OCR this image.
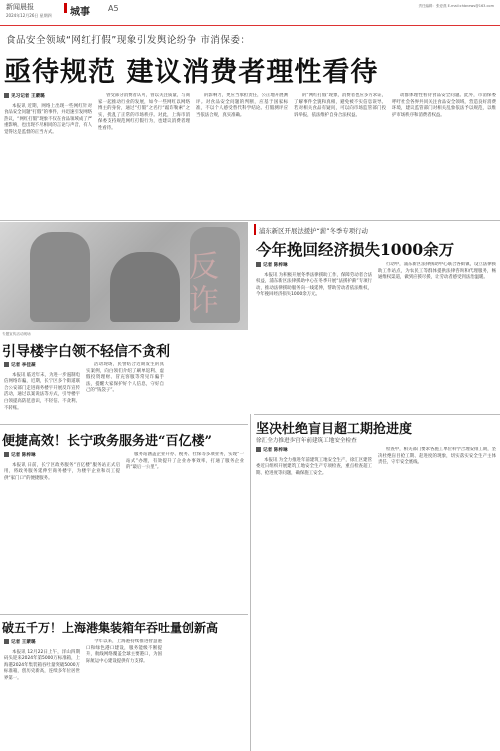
新闻晨报
2024年12月26日 星期四 城事 A5	责任编辑：张爱燕 E-mail:chbnews@163.com
食品安全领域“网红打假”现象引发舆论纷争 市消保委：
亟待规范 建议消费者理性看待
见习记者 王蒙璐

本报讯 近期，网络上出现一些网红针对食品安全问题“打假”的事件，并迅速引发网络热议，“网红打假”现象不仅在食品领域成了严重影响，也出现不尽相同的言论与声音，有人觉得这是监督的正当方式。

曾受部分消费者认可，曾以关注质量，与商家一起推动行业的发展，如今一些网红以网络博主的身份，通过“打假”之名行“敲诈勒索”之实，扰乱了正常的市场秩序。对此，上海市消保委支持规范网红打假行为，也建议消费者理性看待。

的影响力，更应当承担责任，公正地开展测评。对食品安全问题的判断，应基于国家标准，不以个人感受替代科学结论。打假测评应当依法合规，真实准确。

的“网红打假”现象，消费者也应多方求证，了解事件全貌和真相，避免被不实信息误导。若对相关食品有疑问，可以向市场监管部门投诉举报，依法维护自身合法权益。

动群体理性看待食品安全问题。此外，市消保委呼吁社会各界共同关注食品安全领域，营造良好消费环境，建议监管部门对相关乱象依法予以规范，以维护市场秩序和消费者权益。

专题宣传活动现场
反诈
浦东新区开展法援护“薪”冬季专项行动
今年挽回经济损失1000余万
记者 陈梓琳

本报讯 为积极开展冬季法律援助工作，保障劳动者合法权益，浦东新区法律援助中心在冬季开展“法援护薪”专项行动，推动法律援助服务向一线延伸，帮助劳动者依法维权，今年挽回经济损失1000余万元。

行动中，浦东新区法律援助中心联合各街镇，设立法律援助工作站点，为农民工等群体提供法律咨询和代理服务，畅通维权渠道，做到应援尽援，让劳动者感受到法治温暖。

引导楼宇白领不轻信不贪利
记者 李佳凝

本报讯 临近年末，为进一步遏制电信网络诈骗，近期，长宁区多个街道联合公安部门走进商务楼宇开展反诈宣传活动，通过以案说法等方式，引导楼宇白领提高防范意识，不轻信、不贪利、不转账。

活动现场，民警结合近期发生的真实案例，向白领们介绍了刷单返利、虚假投资理财、冒充客服等常见诈骗手法，提醒大家保护好个人信息，守好自己的“钱袋子”。

便捷高效！长宁政务服务进“百亿楼”
记者 陈梓琳

本报讯 日前，长宁区政务服务“百亿楼”服务站正式启用，将政务服务延伸至商务楼宇，为楼宇企业和员工提供“家门口”的便捷服务。

服务站涵盖企业开办、税务、社保等多项业务，实现“一站式”办理，有效提升了企业办事效率，打通了服务企业的“最后一公里”。

坚决杜绝盲目超工期抢进度
徐汇全力推进歩宫年前建筑工地安全检查
记者 陈梓琳

本报讯 为全力推进年前建筑工地安全生产，徐汇区建管委近日组织开展建筑工地安全生产专项检查，重点检查超工期、抢进度等问题，确保施工安全。

检查中，相关部门要求各施工单位科学合理安排工期，坚决杜绝盲目抢工期、赶进度的现象，切实落实安全生产主体责任，守牢安全底线。

破五千万！上海港集装箱年吞吐量创新高
记者 王蒙璐

本报讯 12月22日上午，洋山四期码头迎来2024年第5000万标准箱，上海港2024年集装箱吞吐量突破5000万标准箱，创历史新高，连续多年位居世界第一。

今年以来，上海港持续推进智慧港口和绿色港口建设，服务能级不断提升，航线网络覆盖全球主要港口，为国际航运中心建设提供有力支撑。
